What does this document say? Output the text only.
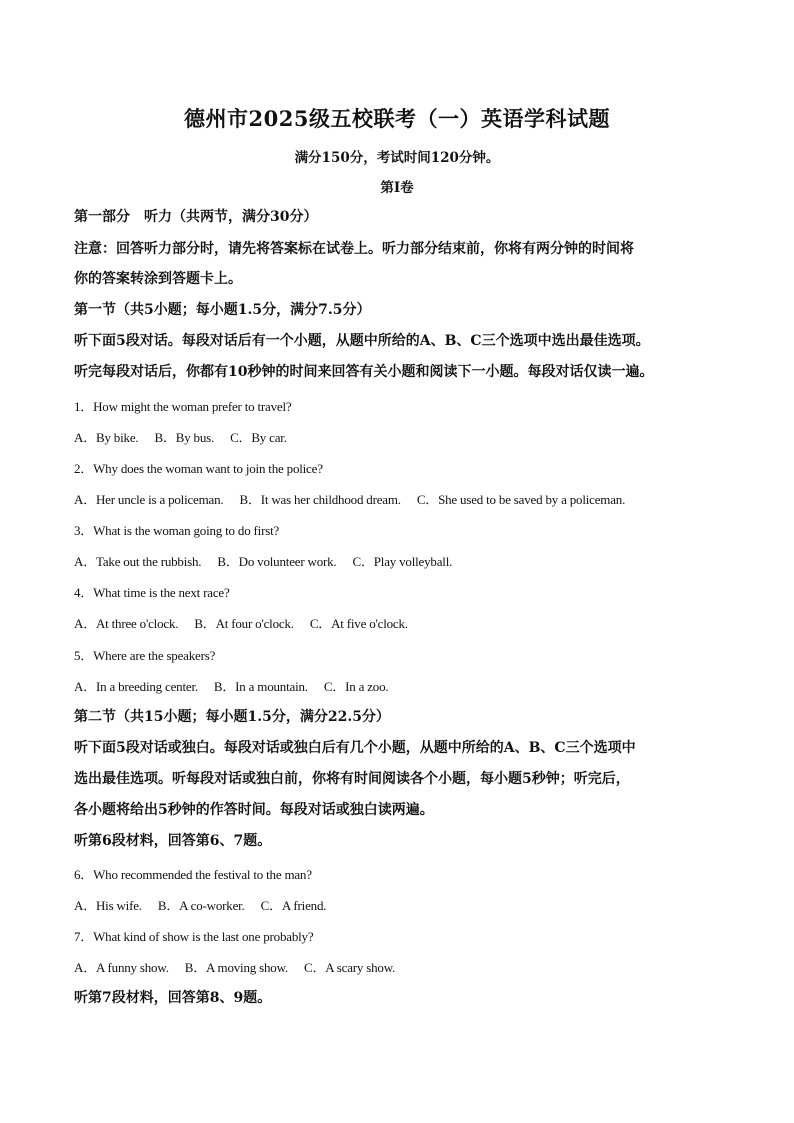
德州市2025级五校联考（一）英语学科试题
满分150分，考试时间120分钟。
第I卷
第一部分　听力（共两节，满分30分）
注意：回答听力部分时，请先将答案标在试卷上。听力部分结束前，你将有两分钟的时间将
你的答案转涂到答题卡上。
第一节（共5小题；每小题1.5分，满分7.5分）
听下面5段对话。每段对话后有一个小题，从题中所给的A、B、C三个选项中选出最佳选项。
听完每段对话后，你都有10秒钟的时间来回答有关小题和阅读下一小题。每段对话仅读一遍。
1．How might the woman prefer to travel?
A．By bike. B．By bus. C．By car.
2．Why does the woman want to join the police?
A．Her uncle is a policeman. B．It was her childhood dream. C．She used to be saved by a policeman.
3．What is the woman going to do first?
A．Take out the rubbish. B．Do volunteer work. C．Play volleyball.
4．What time is the next race?
A．At three o'clock. B．At four o'clock. C．At five o'clock.
5．Where are the speakers?
A．In a breeding center. B．In a mountain. C．In a zoo.
第二节（共15小题；每小题1.5分，满分22.5分）
听下面5段对话或独白。每段对话或独白后有几个小题，从题中所给的A、B、C三个选项中
选出最佳选项。听每段对话或独白前，你将有时间阅读各个小题，每小题5秒钟；听完后，
各小题将给出5秒钟的作答时间。每段对话或独白读两遍。
听第6段材料，回答第6、7题。
6．Who recommended the festival to the man?
A．His wife. B．A co-worker. C．A friend.
7．What kind of show is the last one probably?
A．A funny show. B．A moving show. C．A scary show.
听第7段材料，回答第8、9题。
